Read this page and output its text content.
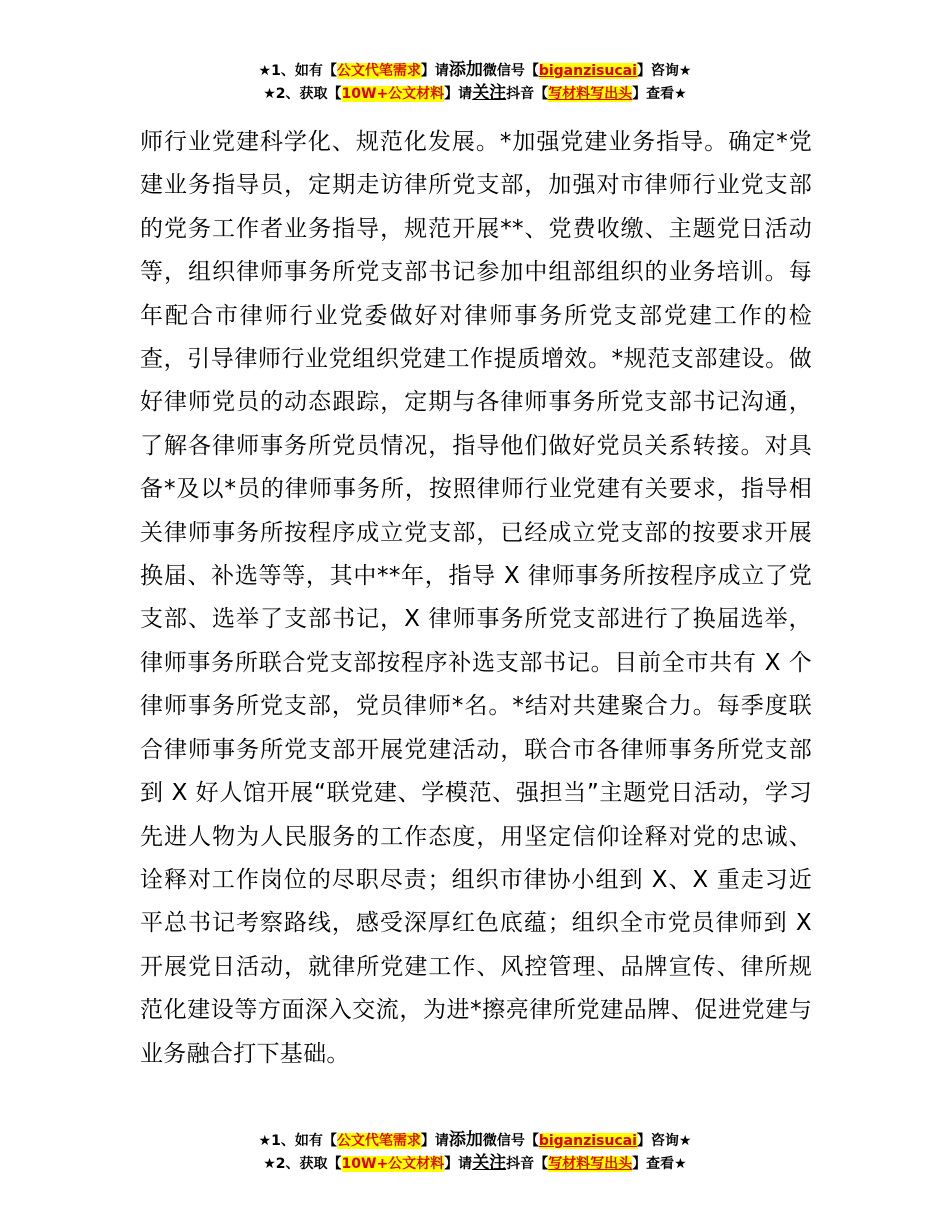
★1、如有【公文代笔需求】请添加微信号【biganzisucai】咨询★
★2、获取【10W+公文材料】请关注抖音【写材料写出头】查看★

师行业党建科学化、规范化发展。*加强党建业务指导。确定*党建业务指导员，定期走访律所党支部，加强对市律师行业党支部的党务工作者业务指导，规范开展**、党费收缴、主题党日活动等，组织律师事务所党支部书记参加中组部组织的业务培训。每年配合市律师行业党委做好对律师事务所党支部党建工作的检查，引导律师行业党组织党建工作提质增效。*规范支部建设。做好律师党员的动态跟踪，定期与各律师事务所党支部书记沟通，了解各律师事务所党员情况，指导他们做好党员关系转接。对具备*及以*员的律师事务所，按照律师行业党建有关要求，指导相关律师事务所按程序成立党支部，已经成立党支部的按要求开展换届、补选等等，其中**年，指导 X 律师事务所按程序成立了党支部、选举了支部书记，X 律师事务所党支部进行了换届选举，律师事务所联合党支部按程序补选支部书记。目前全市共有 X 个律师事务所党支部，党员律师*名。*结对共建聚合力。每季度联合律师事务所党支部开展党建活动，联合市各律师事务所党支部到 X 好人馆开展“联党建、学模范、强担当”主题党日活动，学习先进人物为人民服务的工作态度，用坚定信仰诠释对党的忠诚、诠释对工作岗位的尽职尽责；组织市律协小组到 X、X 重走习近平总书记考察路线，感受深厚红色底蕴；组织全市党员律师到 X 开展党日活动，就律所党建工作、风控管理、品牌宣传、律所规范化建设等方面深入交流，为进*擦亮律所党建品牌、促进党建与业务融合打下基础。

★1、如有【公文代笔需求】请添加微信号【biganzisucai】咨询★
★2、获取【10W+公文材料】请关注抖音【写材料写出头】查看★
